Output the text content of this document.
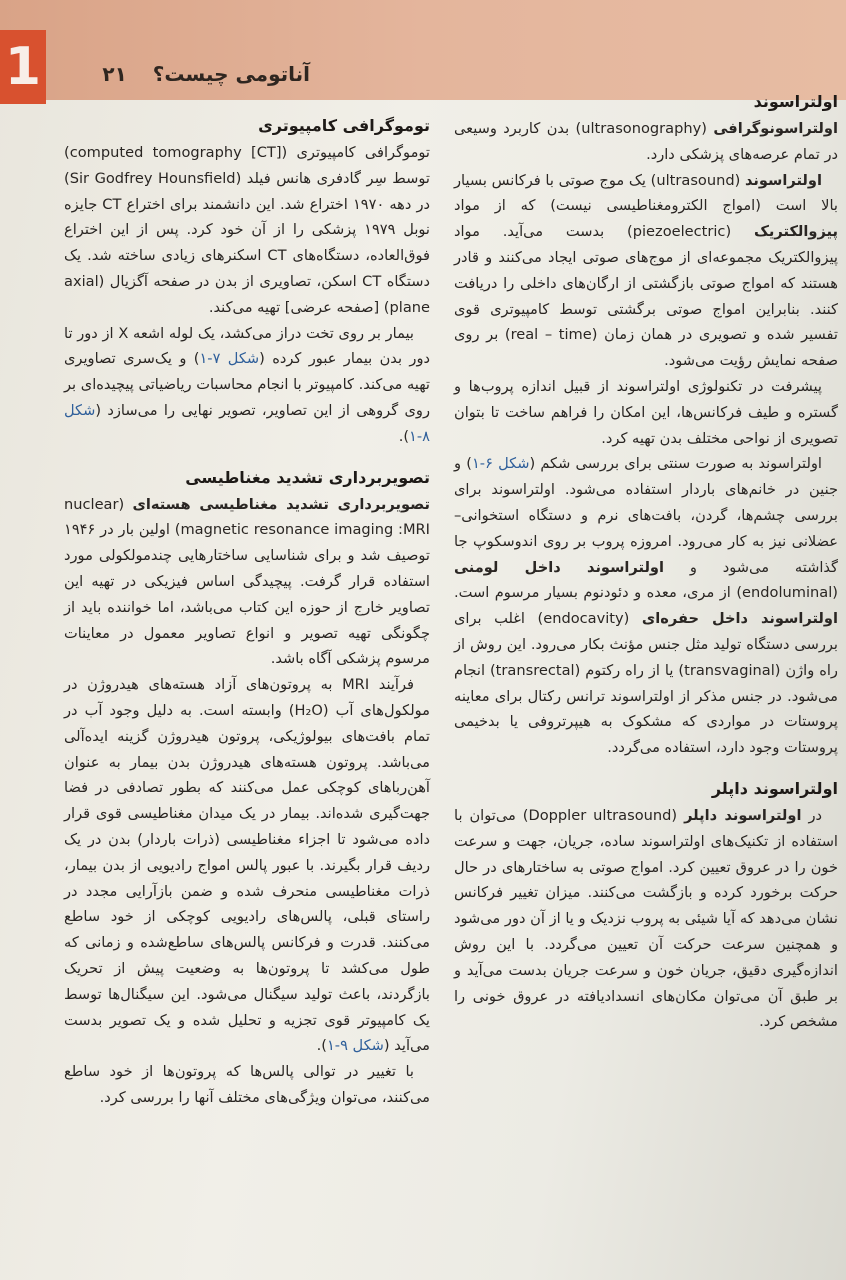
1	۲۱ آناتومی چیست؟

اولتراسوند

اولتراسونوگرافی (ultrasonography) بدن کاربرد وسیعی در تمام عرصه‌های پزشکی دارد.

اولتراسوند (ultrasound) یک موج صوتی با فرکانس بسیار بالا است (امواج الکترومغناطیسی نیست) که از مواد پیزوالکتریک (piezoelectric) بدست می‌آید. مواد پیزوالکتریک مجموعه‌ای از موج‌های صوتی ایجاد می‌کنند و قادر هستند که امواج صوتی بازگشتی از ارگان‌های داخلی را دریافت کنند. بنابراین امواج صوتی برگشتی توسط کامپیوتری قوی تفسیر شده و تصویری در همان زمان (real – time) بر روی صفحه نمایش رؤیت می‌شود.

پیشرفت در تکنولوژی اولتراسوند از قبیل اندازه پروب‌ها و گستره و طیف فرکانس‌ها، این امکان را فراهم ساخت تا بتوان تصویری از نواحی مختلف بدن تهیه کرد.

اولتراسوند به صورت سنتی برای بررسی شکم (شکل ۶-۱) و جنین در خانم‌های باردار استفاده می‌شود. اولتراسوند برای بررسی چشم‌ها، گردن، بافت‌های نرم و دستگاه استخوانی–عضلانی نیز به کار می‌رود. امروزه پروب بر روی اندوسکوپ جا گذاشته می‌شود و اولتراسوند داخل لومنی (endoluminal) از مری، معده و دئودنوم بسیار مرسوم است. اولتراسوند داخل حفره‌ای (endocavity) اغلب برای بررسی دستگاه تولید مثل جنس مؤنث بکار می‌رود. این روش از راه واژن (transvaginal) یا از راه رکتوم (transrectal) انجام می‌شود. در جنس مذکر از اولتراسوند ترانس رکتال برای معاینه پروستات در مواردی که مشکوک به هیپرتروفی یا بدخیمی پروستات وجود دارد، استفاده می‌گردد.

اولتراسوند داپلر

در اولتراسوند داپلر (Doppler ultrasound) می‌توان با استفاده از تکنیک‌های اولتراسوند ساده، جریان، جهت و سرعت خون را در عروق تعیین کرد. امواج صوتی به ساختارهای در حال حرکت برخورد کرده و بازگشت می‌کنند. میزان تغییر فرکانس نشان می‌دهد که آیا شیئی به پروب نزدیک و یا از آن دور می‌شود و همچنین سرعت حرکت آن تعیین می‌گردد. با این روش اندازه‌گیری دقیق، جریان خون و سرعت جریان بدست می‌آید و بر طبق آن می‌توان مکان‌های انسدادیافته در عروق خونی را مشخص کرد.

توموگرافی کامپیوتری

توموگرافی کامپیوتری (computed tomography [CT]) توسط سِر گادفری هانس فیلد (Sir Godfrey Hounsfield) در دهه ۱۹۷۰ اختراع شد. این دانشمند برای اختراع CT جایزه نوبل ۱۹۷۹ پزشکی را از آن خود کرد. پس از این اختراع فوق‌العاده، دستگاه‌های CT اسکنرهای زیادی ساخته شد. یک دستگاه CT اسکن، تصاویری از بدن در صفحه آگزیال (axial plane) [صفحه عرضی] تهیه می‌کند.

بیمار بر روی تخت دراز می‌کشد، یک لوله اشعه X از دور تا دور بدن بیمار عبور کرده (شکل ۷-۱) و یک‌سری تصاویری تهیه می‌کند. کامپیوتر با انجام محاسبات ریاضیاتی پیچیده‌ای بر روی گروهی از این تصاویر، تصویر نهایی را می‌سازد (شکل ۸-۱).

تصویربرداری تشدید مغناطیسی

تصویربرداری تشدید مغناطیسی هسته‌ای (nuclear magnetic resonance imaging :MRI) اولین بار در ۱۹۴۶ توصیف شد و برای شناسایی ساختارهایی چندمولکولی مورد استفاده قرار گرفت. پیچیدگی اساس فیزیکی در تهیه این تصاویر خارج از حوزه این کتاب می‌باشد، اما خواننده باید از چگونگی تهیه تصویر و انواع تصاویر معمول در معاینات مرسوم پزشکی آگاه باشد.

فرآیند MRI به پروتون‌های آزاد هسته‌های هیدروژن در مولکول‌های آب (H₂O) وابسته است. به دلیل وجود آب در تمام بافت‌های بیولوژیکی، پروتون هیدروژن گزینه ایده‌آلی می‌باشد. پروتون هسته‌های هیدروژن بدن بیمار به عنوان آهن‌رباهای کوچکی عمل می‌کنند که بطور تصادفی در فضا جهت‌گیری شده‌اند. بیمار در یک میدان مغناطیسی قوی قرار داده می‌شود تا اجزاء مغناطیسی (ذرات باردار) بدن در یک ردیف قرار بگیرند. با عبور پالس امواج رادیویی از بدن بیمار، ذرات مغناطیسی منحرف شده و ضمن بازآرایی مجدد در راستای قبلی، پالس‌های رادیویی کوچکی از خود ساطع می‌کنند. قدرت و فرکانس پالس‌های ساطع‌شده و زمانی که طول می‌کشد تا پروتون‌ها به وضعیت پیش از تحریک بازگردند، باعث تولید سیگنال می‌شود. این سیگنال‌ها توسط یک کامپیوتر قوی تجزیه و تحلیل شده و یک تصویر بدست می‌آید (شکل ۹-۱).

با تغییر در توالی پالس‌ها که پروتون‌ها از خود ساطع می‌کنند، می‌توان ویژگی‌های مختلف آنها را بررسی کرد.
